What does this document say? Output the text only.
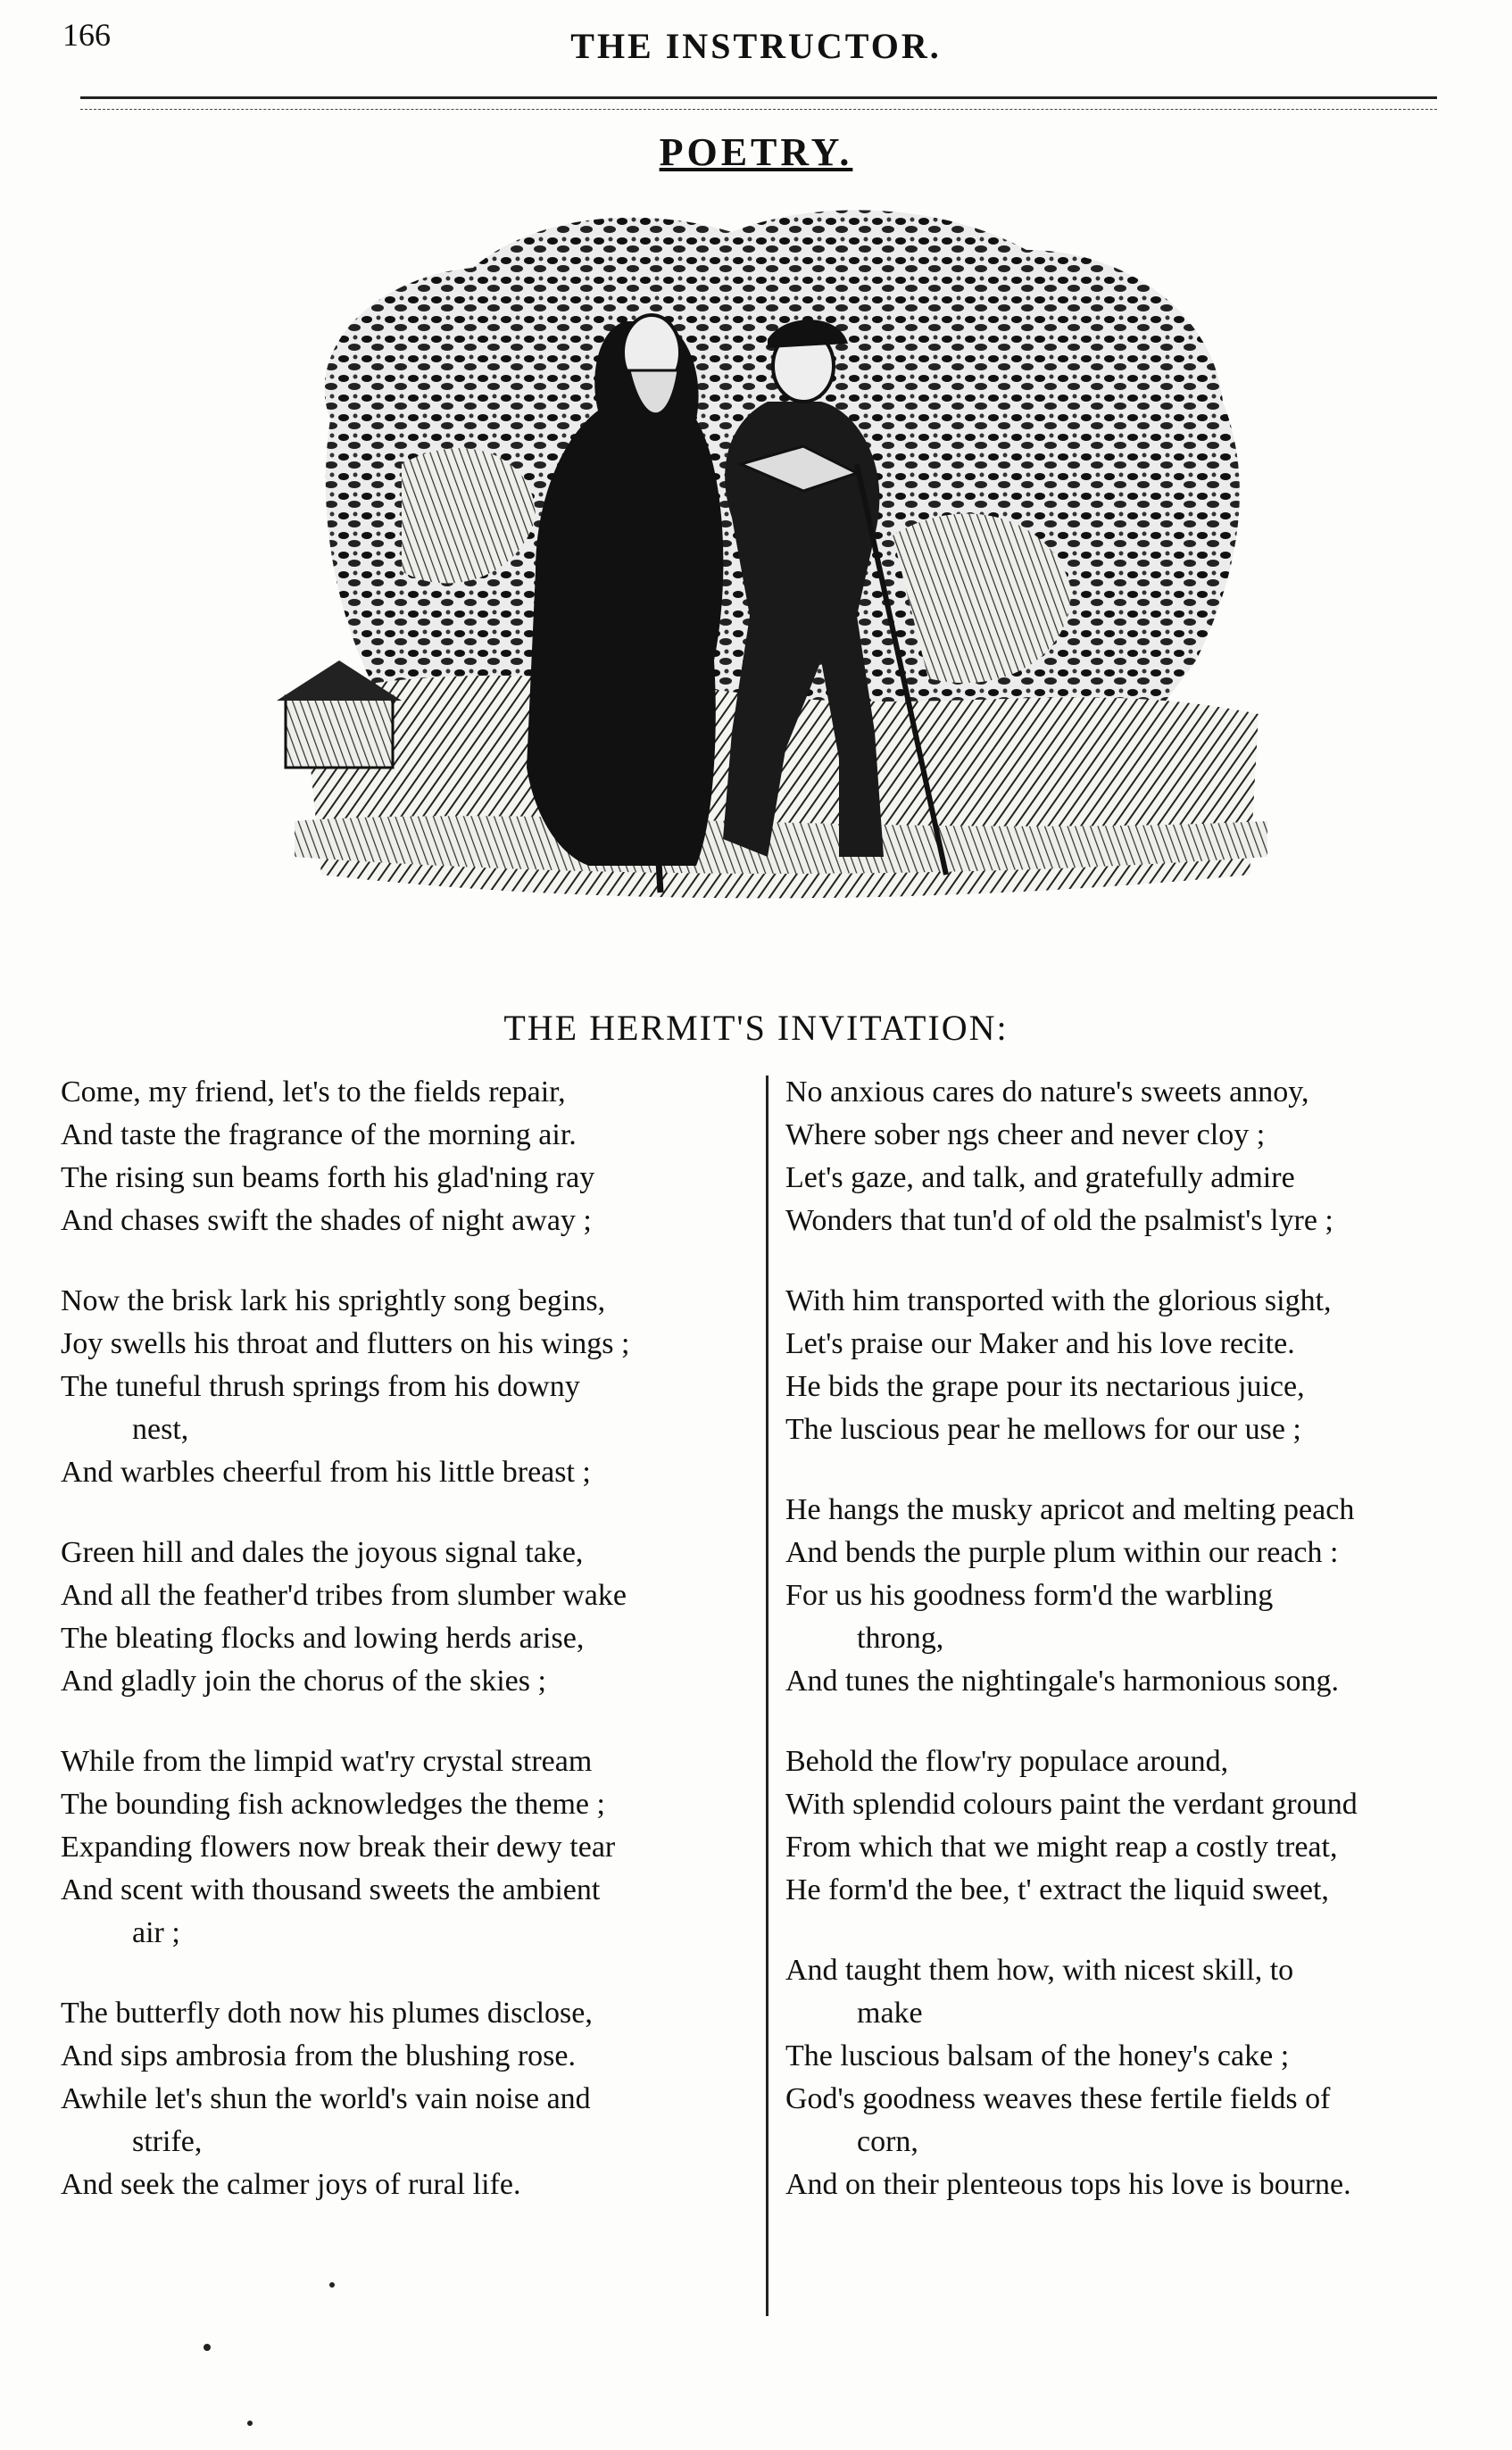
166	THE INSTRUCTOR.
POETRY.
THE HERMIT'S INVITATION:
Come, my friend, let's to the fields repair,
And taste the fragrance of the morning air.
The rising sun beams forth his glad'ning ray
And chases swift the shades of night away ;
Now the brisk lark his sprightly song begins,
Joy swells his throat and flutters on his wings ;
The tuneful thrush springs from his downy
nest,
And warbles cheerful from his little breast ;
Green hill and dales the joyous signal take,
And all the feather'd tribes from slumber wake
The bleating flocks and lowing herds arise,
And gladly join the chorus of the skies ;
While from the limpid wat'ry crystal stream
The bounding fish acknowledges the theme ;
Expanding flowers now break their dewy tear
And scent with thousand sweets the ambient
air ;
The butterfly doth now his plumes disclose,
And sips ambrosia from the blushing rose.
Awhile let's shun the world's vain noise and
strife,
And seek the calmer joys of rural life.
No anxious cares do nature's sweets annoy,
Where sober ngs cheer and never cloy ;
Let's gaze, and talk, and gratefully admire
Wonders that tun'd of old the psalmist's lyre ;
With him transported with the glorious sight,
Let's praise our Maker and his love recite.
He bids the grape pour its nectarious juice,
The luscious pear he mellows for our use ;
He hangs the musky apricot and melting peach
And bends the purple plum within our reach :
For us his goodness form'd the warbling
throng,
And tunes the nightingale's harmonious song.
Behold the flow'ry populace around,
With splendid colours paint the verdant ground
From which that we might reap a costly treat,
He form'd the bee, t' extract the liquid sweet,
And taught them how, with nicest skill, to
make
The luscious balsam of the honey's cake ;
God's goodness weaves these fertile fields of
corn,
And on their plenteous tops his love is bourne.
